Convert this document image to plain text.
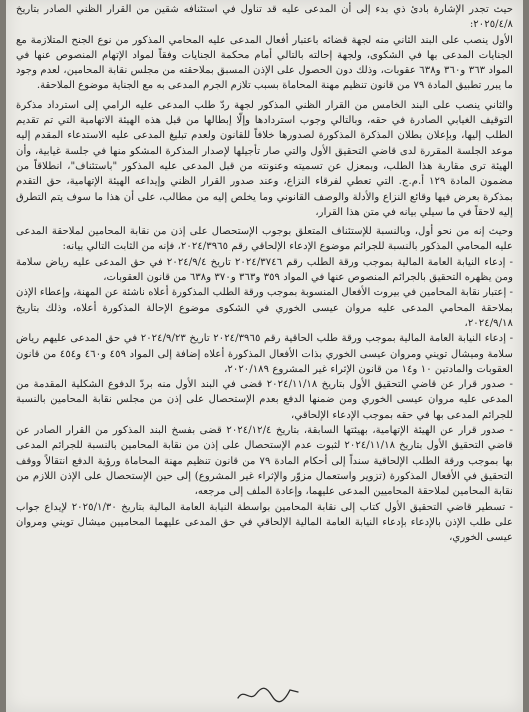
حيث تجدر الإشارة بادئ ذي بدء إلى أن المدعى عليه قد تناول في استئنافه شقين من القرار الظني الصادر بتاريخ ٢٠٢٥/٤/٨:

الأول ينصب على البند الثاني منه لجهة قضائه باعتبار أفعال المدعى عليه المحامي المذكور من نوع الجنح المتلازمة مع الجنايات المدعى بها في الشكوى، ولجهة إحالته بالتالي أمام محكمة الجنايات وفقاً لمواد الإتهام المنصوص عنها في المواد ٣٦٣ و٣٦٠ و٦٣٨ عقوبات، وذلك دون الحصول على الإذن المسبق بملاحقته من مجلس نقابة المحامين، لعدم وجود ما يبرر تطبيق المادة ٧٩ من قانون تنظيم مهنة المحاماة بسبب تلازم الجرم المدعى به مع الجناية موضوع الملاحقة.

والثاني ينصب على البند الخامس من القرار الظني المذكور لجهة ردّ طلب المدعى عليه الرامي إلى استرداد مذكرة التوقيف الغيابي الصادرة في حقه، وبالتالي وجوب استردادها وإلّا إبطالها من قبل هذه الهيئة الاتهامية التي تم تقديم الطلب إليها، وبإعلان بطلان المذكرة المذكورة لصدورها خلافاً للقانون ولعدم تبليغ المدعى عليه الاستدعاء المقدم إليه موعد الجلسة المقررة لدى قاضي التحقيق الأول والتي صار تأجيلها لإصدار المذكرة المشكو منها في جلسة غيابية، وأن الهيئة ترى مقاربة هذا الطلب، وبمعزل عن تسميته وعنونته من قبل المدعى عليه المذكور "باستئناف"، انطلاقاً من مضمون المادة ١٢٩ أ.م.ج. التي تعطي لفرقاء النزاع، وعند صدور القرار الظني وإيداعه الهيئة الإتهامية، حق التقدم بمذكرة بعرض فيها وقائع النزاع والأدلة والوصف القانوني وما يخلص إليه من مطالب، على أن هذا ما سوف يتم التطرق إليه لاحقاً في ما سيلي بيانه في متن هذا القرار،

وحيث إنه من نحو أول، وبالنسبة للإستئناف المتعلق بوجوب الإستحصال على إذن من نقابة المحامين لملاحقة المدعى عليه المحامي المذكور بالنسبة للجرائم موضوع الإدعاء الإلحاقي رقم ٢٠٢٤/٣٩٦٥، فإنه من الثابت التالي بيانه:

- إدعاء النيابة العامة المالية بموجب ورقة الطلب رقم ٢٠٢٤/٣٧٤٦ تاريخ ٢٠٢٤/٩/٤ في حق المدعى عليه رياض سلامة ومن يظهره التحقيق بالجرائم المنصوص عنها في المواد ٣٥٩ و٣٦٣ و٣٧٠ و٦٣٨ من قانون العقوبات،

- إعتبار نقابة المحامين في بيروت الأفعال المنسوبة بموجب ورقة الطلب المذكورة أعلاه ناشئة عن المهنة، وإعطاء الإذن بملاحقة المحامي المدعى عليه مروان عيسى الخوري في الشكوى موضوع الإحالة المذكورة أعلاه، وذلك بتاريخ ٢٠٢٤/٩/١٨،

- إدعاء النيابة العامة المالية بموجب ورقة طلب الحاقية رقم ٢٠٢٤/٣٩٦٥ تاريخ ٢٠٢٤/٩/٢٣ في حق المدعى عليهم رياض سلامة وميشال تويني ومروان عيسى الخوري بذات الأفعال المذكورة أعلاه إضافة إلى المواد ٤٥٩ و٤٦٠ و٤٥٤ من قانون العقوبات والمادتين ١٠ و١٤ من قانون الإثراء غير المشروع ٢٠٢٠/١٨٩،

- صدور قرار عن قاضي التحقيق الأول بتاريخ ٢٠٢٤/١١/١٨ قضى في البند الأول منه بردّ الدفوع الشكلية المقدمة من المدعى عليه مروان عيسى الخوري ومن ضمنها الدفع بعدم الإستحصال على إذن من مجلس نقابة المحامين بالنسبة للجرائم المدعى بها في حقه بموجب الإدعاء الإلحاقي،

- صدور قرار عن الهيئة الإتهامية، بهيئتها السابقة، بتاريخ ٢٠٢٤/١٢/٤ قضى بفسخ البند المذكور من القرار الصادر عن قاضي التحقيق الأول بتاريخ ٢٠٢٤/١١/١٨ لثبوت عدم الإستحصال على إذن من نقابة المحامين بالنسبة للجرائم المدعى بها بموجب ورقة الطلب الإلحاقية سنداً إلى أحكام المادة ٧٩ من قانون تنظيم مهنة المحاماة ورؤية الدفع انتقالاً ووقف التحقيق في الأفعال المذكورة (تزوير واستعمال مزوّر والإثراء غير المشروع) إلى حين الإستحصال على الإذن اللازم من نقابة المحامين لملاحقة المحاميين المدعى عليهما، وإعادة الملف إلى مرجعه،

- تسطير قاضي التحقيق الأول كتاب إلى نقابة المحامين بواسطة النيابة العامة المالية بتاريخ ٢٠٢٥/١/٣٠ لإيداع جواب على طلب الإذن بالإدعاء بإدعاء النيابة العامة المالية الإلحاقي في حق المدعى عليهما المحاميين ميشال تويني ومروان عيسى الخوري،
